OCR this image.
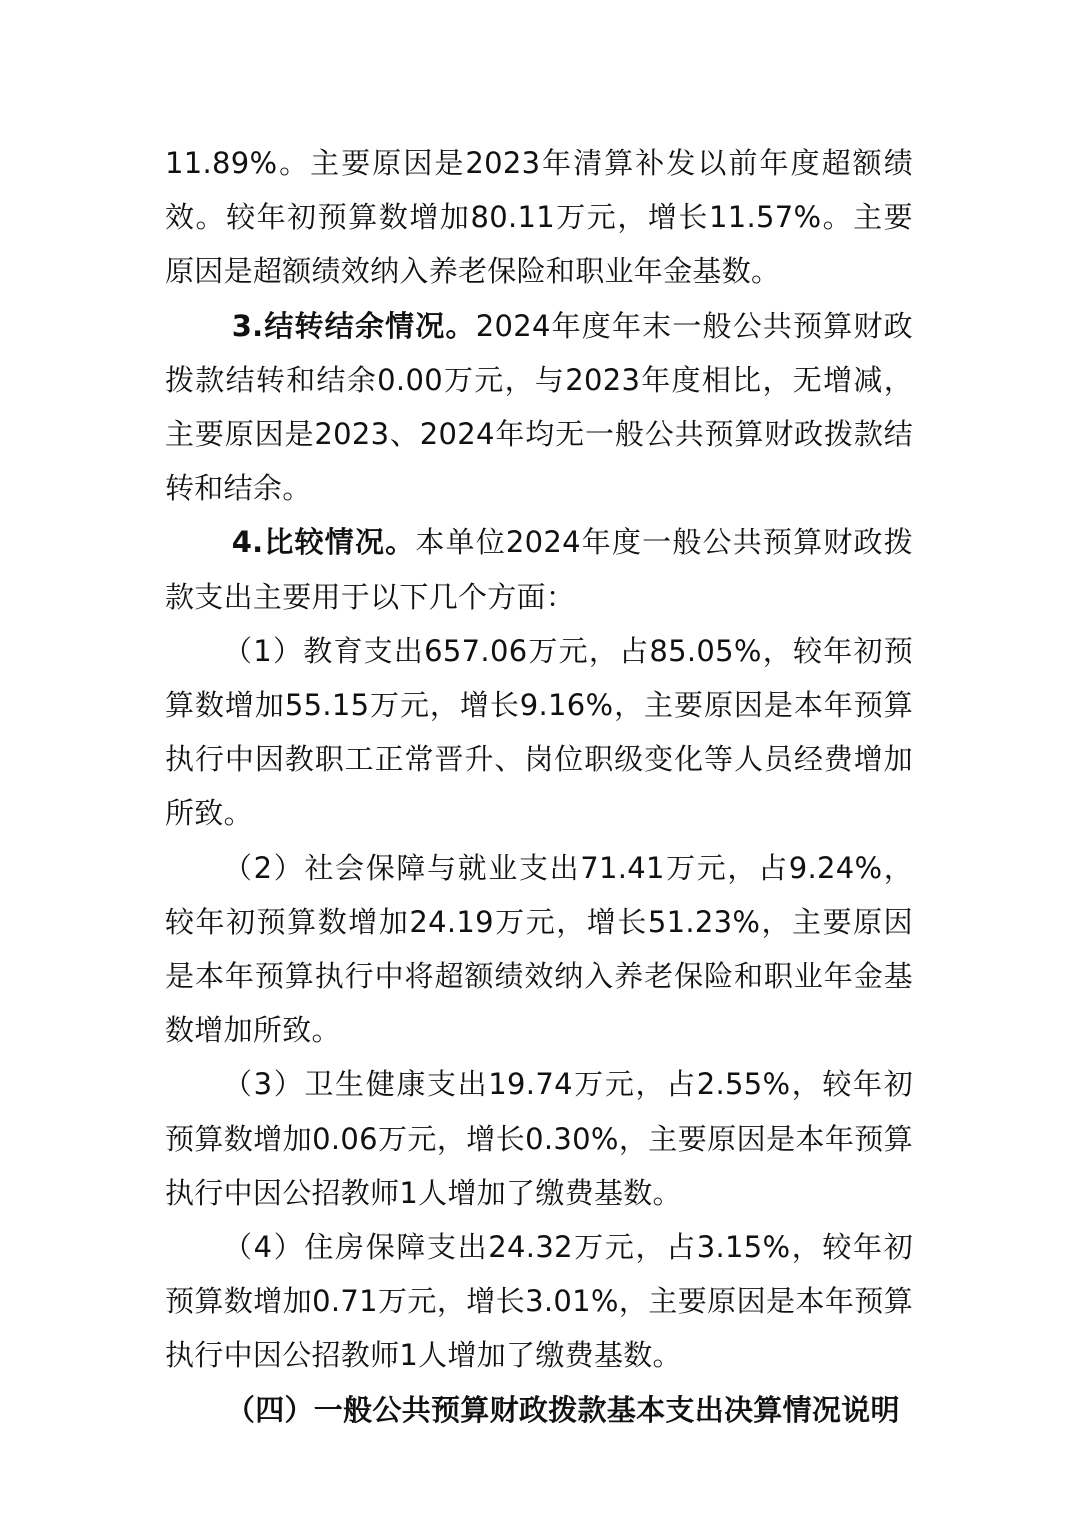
11.89%。主要原因是2023年清算补发以前年度超额绩效。较年初预算数增加80.11万元，增长11.57%。主要原因是超额绩效纳入养老保险和职业年金基数。

3.结转结余情况。2024年度年末一般公共预算财政拨款结转和结余0.00万元，与2023年度相比，无增减，主要原因是2023、2024年均无一般公共预算财政拨款结转和结余。

4.比较情况。本单位2024年度一般公共预算财政拨款支出主要用于以下几个方面：

（1）教育支出657.06万元，占85.05%，较年初预算数增加55.15万元，增长9.16%，主要原因是本年预算执行中因教职工正常晋升、岗位职级变化等人员经费增加所致。

（2）社会保障与就业支出71.41万元，占9.24%，较年初预算数增加24.19万元，增长51.23%，主要原因是本年预算执行中将超额绩效纳入养老保险和职业年金基数增加所致。

（3）卫生健康支出19.74万元，占2.55%，较年初预算数增加0.06万元，增长0.30%，主要原因是本年预算执行中因公招教师1人增加了缴费基数。

（4）住房保障支出24.32万元，占3.15%，较年初预算数增加0.71万元，增长3.01%，主要原因是本年预算执行中因公招教师1人增加了缴费基数。

（四）一般公共预算财政拨款基本支出决算情况说明
